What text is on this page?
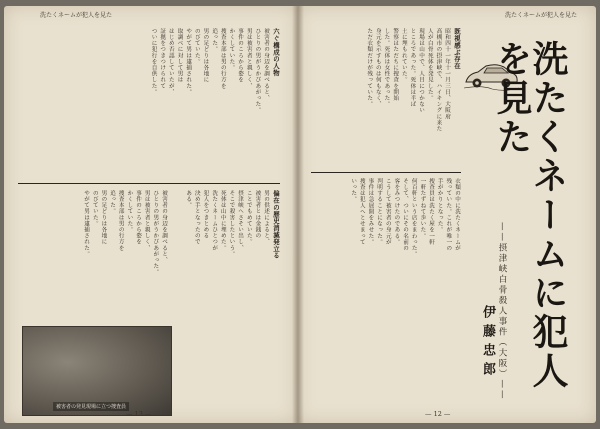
洗たくネームが犯人を見た
六ぐ構成の人物
被害者の身辺を調べると、
ひとりの男がうかびあがった。
男は被害者と親しく、
事件のころから姿を
かくしていた。
捜査本部は男の行方を
追った。
男の足どりは各地に
のびていた。
やがて男は逮捕された。
取調べに対して男は
はじめ否認していたが、
証拠をつきつけられて
ついに犯行を自供した。
偏在の歴史消滅発立る
男の供述によると、
被害者とは金銭の
ことでもめていた。
摂津峡へさそい出し、
そこで殺害したという。
死体は山中に埋めた。
洗たくネームひとつが
犯人をつきとめる
決め手となったので
ある。
被害者の身辺を調べると、
ひとりの男がうかびあがった。
男は被害者と親しく、
事件のころから姿を
かくしていた。
捜査本部は男の行方を
追った。
男の足どりは各地に
のびていた。
やがて男は逮捕された。
被害者の発見現場に立つ捜査員
— 13 —
洗たくネームが犯人を見た
既視感ぶ存在
昭和四十一年十一月三日、大阪府
高槻市の摂津峡で、ハイキングに来た
人が白骨死体を発見した。
現場は山中で、人目につかない
ところであった。死体は半ば
土に埋もれていた。
警察はただちに捜査を開始
した。死体は女性であった。
身元を示すものは何もなく、
ただ衣類だけが残っていた。
衣類の中に洗たくネームが
残っていた。これが唯一の
手がかりとなった。
捜査員は洗たく屋を一軒
一軒たずねて歩いた。
何百軒という店をまわった。
そして、ついにその名前の
客をみつけたのである。
こうして被害者の身元が
判明することになった。
事件は急展開をみせた。
捜査は犯人へとせまって
いった。
— 12 —
洗たくネームに犯人を見た
——摂津峡白骨殺人事件（大阪）——
伊藤忠郎
